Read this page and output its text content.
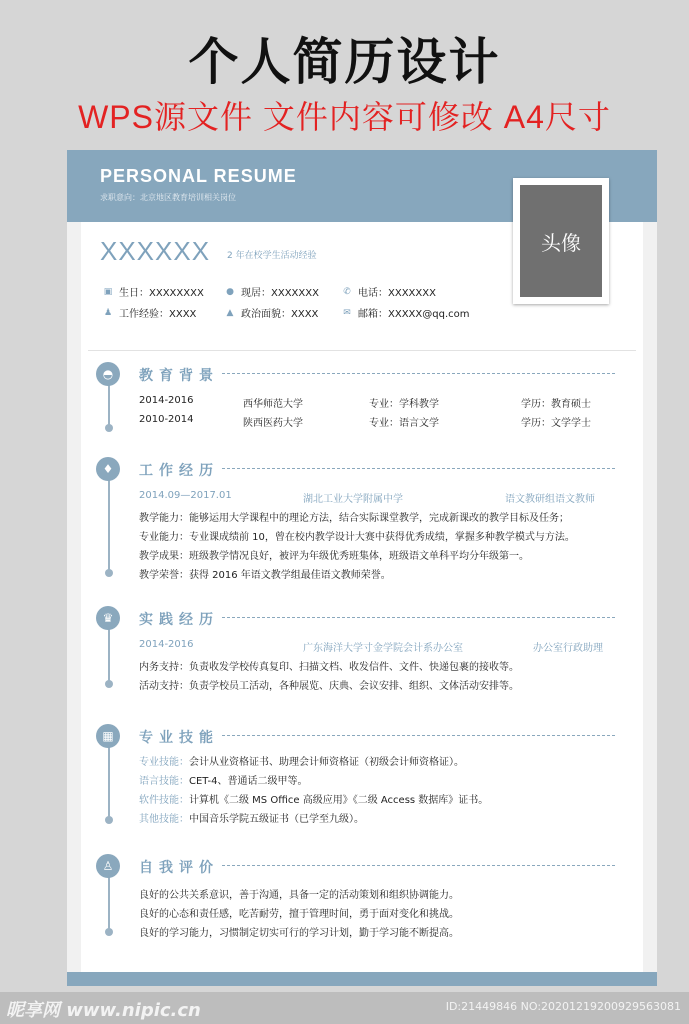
个人简历设计
WPS源文件 文件内容可修改 A4尺寸
PERSONAL RESUME
求职意向：北京地区教育培训相关岗位
头像
XXXXXX 2 年在校学生活动经验
▣ 生日：XXXXXXXX ● 现居：XXXXXXX	✆ 电话：XXXXXXX
♟ 工作经验：XXXX	▲ 政治面貌：XXXX	✉ 邮箱：XXXXX@qq.com
◓	教育背景
2014-2016	西华师范大学	专业：学科教学	学历：教育硕士
2010-2014	陕西医药大学	专业：语言文学	学历：文学学士
♦	工作经历
2014.09—2017.01	湖北工业大学附属中学	语文教研组语文教师
教学能力：能够运用大学课程中的理论方法，结合实际课堂教学，完成新课改的教学目标及任务；
专业能力：专业课成绩前 10，曾在校内教学设计大赛中获得优秀成绩，掌握多种教学模式与方法。
教学成果：班级教学情况良好，被评为年级优秀班集体，班级语文单科平均分年级第一。
教学荣誉：获得 2016 年语文教学组最佳语文教师荣誉。
♛	实践经历
2014-2016	广东海洋大学寸金学院会计系办公室	办公室行政助理
内务支持：负责收发学校传真复印、扫描文档、收发信件、文件、快递包裹的接收等。
活动支持：负责学校员工活动，各种展览、庆典、会议安排、组织、文体活动安排等。
▦	专业技能
专业技能：会计从业资格证书、助理会计师资格证（初级会计师资格证）。
语言技能：CET-4、普通话二级甲等。
软件技能：计算机《二级 MS Office 高级应用》《二级 Access 数据库》证书。
其他技能：中国音乐学院五级证书（已学至九级）。
♙	自我评价
良好的公共关系意识，善于沟通，具备一定的活动策划和组织协调能力。
良好的心态和责任感，吃苦耐劳，擅于管理时间，勇于面对变化和挑战。
良好的学习能力，习惯制定切实可行的学习计划，勤于学习能不断提高。
昵享网 www.nipic.cn	ID:21449846 NO:20201219200929563081
